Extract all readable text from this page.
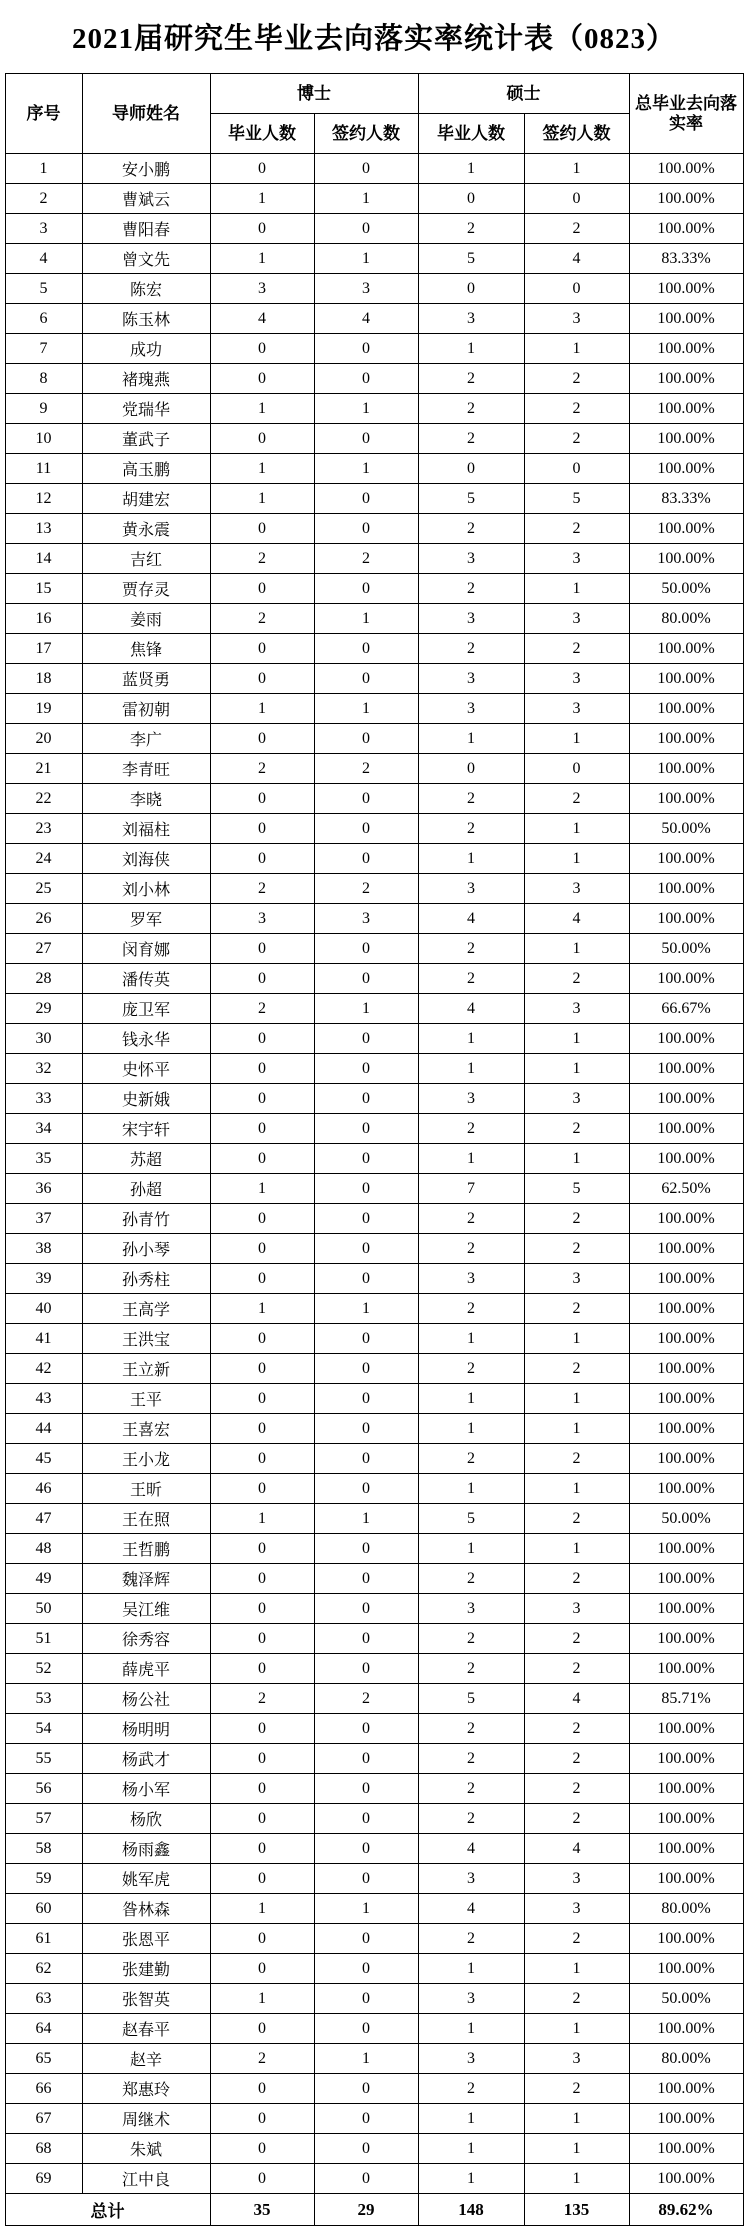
2021届研究生毕业去向落实率统计表（0823）
序号	导师姓名	博士		硕士		总毕业去向落实率
		毕业人数	签约人数	毕业人数	签约人数	
1	安小鹏	0	0	1	1	100.00%
2	曹斌云	1	1	0	0	100.00%
3	曹阳春	0	0	2	2	100.00%
4	曾文先	1	1	5	4	83.33%
5	陈宏	3	3	0	0	100.00%
6	陈玉林	4	4	3	3	100.00%
7	成功	0	0	1	1	100.00%
8	褚瑰燕	0	0	2	2	100.00%
9	党瑞华	1	1	2	2	100.00%
10	董武子	0	0	2	2	100.00%
11	高玉鹏	1	1	0	0	100.00%
12	胡建宏	1	0	5	5	83.33%
13	黄永震	0	0	2	2	100.00%
14	吉红	2	2	3	3	100.00%
15	贾存灵	0	0	2	1	50.00%
16	姜雨	2	1	3	3	80.00%
17	焦锋	0	0	2	2	100.00%
18	蓝贤勇	0	0	3	3	100.00%
19	雷初朝	1	1	3	3	100.00%
20	李广	0	0	1	1	100.00%
21	李青旺	2	2	0	0	100.00%
22	李晓	0	0	2	2	100.00%
23	刘福柱	0	0	2	1	50.00%
24	刘海侠	0	0	1	1	100.00%
25	刘小林	2	2	3	3	100.00%
26	罗军	3	3	4	4	100.00%
27	闵育娜	0	0	2	1	50.00%
28	潘传英	0	0	2	2	100.00%
29	庞卫军	2	1	4	3	66.67%
30	钱永华	0	0	1	1	100.00%
32	史怀平	0	0	1	1	100.00%
33	史新娥	0	0	3	3	100.00%
34	宋宇轩	0	0	2	2	100.00%
35	苏超	0	0	1	1	100.00%
36	孙超	1	0	7	5	62.50%
37	孙青竹	0	0	2	2	100.00%
38	孙小琴	0	0	2	2	100.00%
39	孙秀柱	0	0	3	3	100.00%
40	王高学	1	1	2	2	100.00%
41	王洪宝	0	0	1	1	100.00%
42	王立新	0	0	2	2	100.00%
43	王平	0	0	1	1	100.00%
44	王喜宏	0	0	1	1	100.00%
45	王小龙	0	0	2	2	100.00%
46	王昕	0	0	1	1	100.00%
47	王在照	1	1	5	2	50.00%
48	王哲鹏	0	0	1	1	100.00%
49	魏泽辉	0	0	2	2	100.00%
50	吴江维	0	0	3	3	100.00%
51	徐秀容	0	0	2	2	100.00%
52	薛虎平	0	0	2	2	100.00%
53	杨公社	2	2	5	4	85.71%
54	杨明明	0	0	2	2	100.00%
55	杨武才	0	0	2	2	100.00%
56	杨小军	0	0	2	2	100.00%
57	杨欣	0	0	2	2	100.00%
58	杨雨鑫	0	0	4	4	100.00%
59	姚军虎	0	0	3	3	100.00%
60	昝林森	1	1	4	3	80.00%
61	张恩平	0	0	2	2	100.00%
62	张建勤	0	0	1	1	100.00%
63	张智英	1	0	3	2	50.00%
64	赵春平	0	0	1	1	100.00%
65	赵辛	2	1	3	3	80.00%
66	郑惠玲	0	0	2	2	100.00%
67	周继术	0	0	1	1	100.00%
68	朱斌	0	0	1	1	100.00%
69	江中良	0	0	1	1	100.00%
总计		35	29	148	135	89.62%
